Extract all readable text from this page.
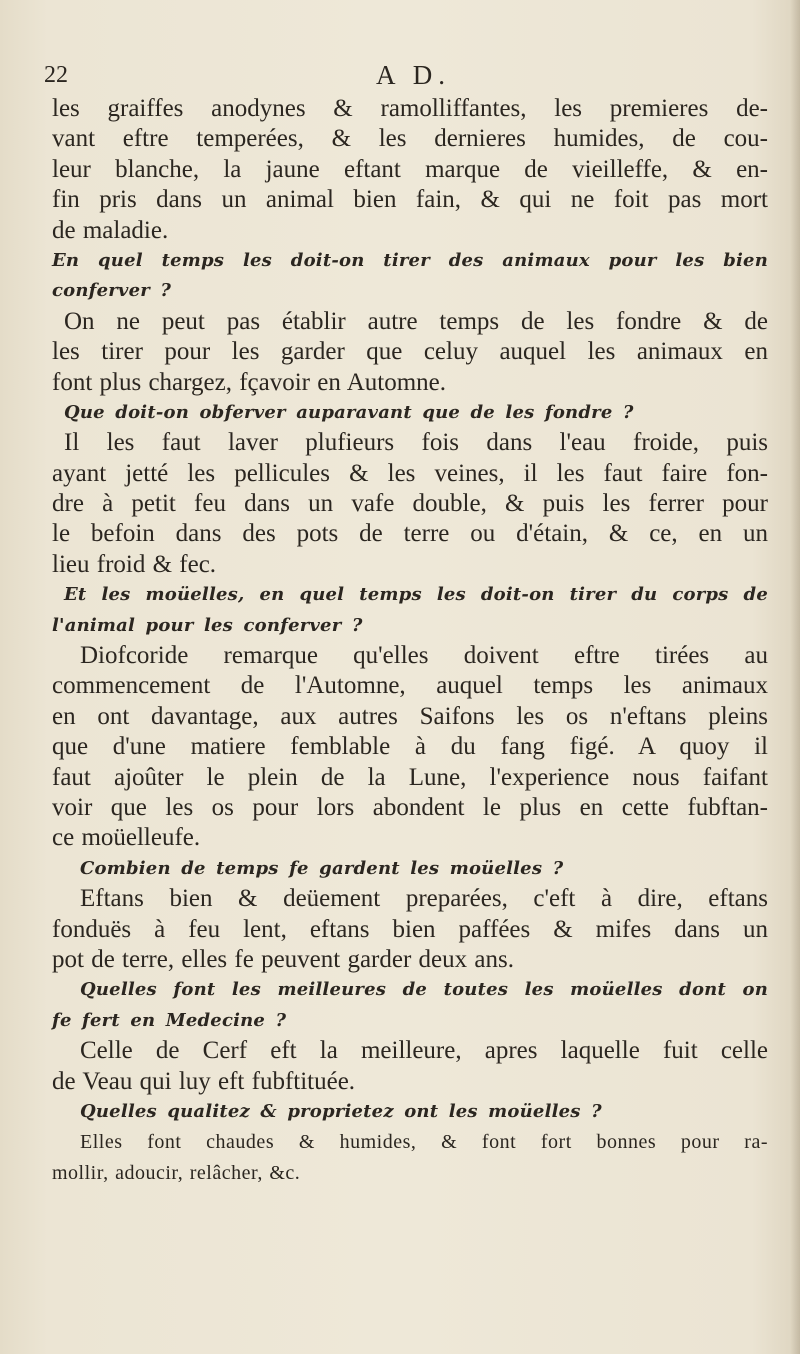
22	A D.
les graiffes anodynes & ramolliffantes, les premieres de-
vant eftre temperées, & les dernieres humides, de cou-
leur blanche, la jaune eftant marque de vieilleffe, & en-
fin pris dans un animal bien fain, & qui ne foit pas mort
de maladie.
En quel temps les doit-on tirer des animaux pour les bien
conferver ?
On ne peut pas établir autre temps de les fondre & de
les tirer pour les garder que celuy auquel les animaux en
font plus chargez, fçavoir en Automne.
Que doit-on obferver auparavant que de les fondre ?
Il les faut laver plufieurs fois dans l'eau froide, puis
ayant jetté les pellicules & les veines, il les faut faire fon-
dre à petit feu dans un vafe double, & puis les ferrer pour
le befoin dans des pots de terre ou d'étain, & ce, en un
lieu froid & fec.
Et les moüelles, en quel temps les doit-on tirer du corps de
l'animal pour les conferver ?
Diofcoride remarque qu'elles doivent eftre tirées au
commencement de l'Automne, auquel temps les animaux
en ont davantage, aux autres Saifons les os n'eftans pleins
que d'une matiere femblable à du fang figé. A quoy il
faut ajoûter le plein de la Lune, l'experience nous faifant
voir que les os pour lors abondent le plus en cette fubftan-
ce moüelleufe.
Combien de temps fe gardent les moüelles ?
Eftans bien & deüement preparées, c'eft à dire, eftans
fonduës à feu lent, eftans bien paffées & mifes dans un
pot de terre, elles fe peuvent garder deux ans.
Quelles font les meilleures de toutes les moüelles dont on
fe fert en Medecine ?
Celle de Cerf eft la meilleure, apres laquelle fuit celle
de Veau qui luy eft fubftituée.
Quelles qualitez & proprietez ont les moüelles ?
Elles font chaudes & humides, & font fort bonnes pour ra-
mollir, adoucir, relâcher, &c.
